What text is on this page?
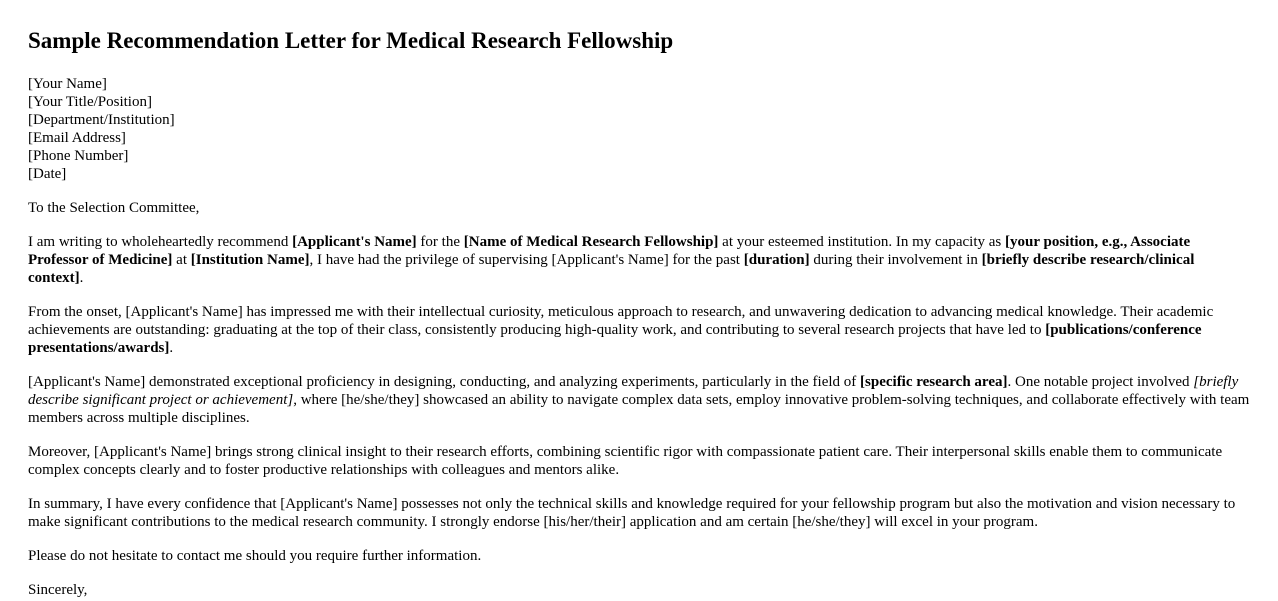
Sample Recommendation Letter for Medical Research Fellowship
[Your Name]
[Your Title/Position]
[Department/Institution]
[Email Address]
[Phone Number]
[Date]

To the Selection Committee,

I am writing to wholeheartedly recommend [Applicant's Name] for the [Name of Medical Research Fellowship] at your esteemed institution. In my capacity as [your position, e.g., Associate Professor of Medicine] at [Institution Name], I have had the privilege of supervising [Applicant's Name] for the past [duration] during their involvement in [briefly describe research/clinical context].

From the onset, [Applicant's Name] has impressed me with their intellectual curiosity, meticulous approach to research, and unwavering dedication to advancing medical knowledge. Their academic achievements are outstanding: graduating at the top of their class, consistently producing high-quality work, and contributing to several research projects that have led to [publications/conference presentations/awards].

[Applicant's Name] demonstrated exceptional proficiency in designing, conducting, and analyzing experiments, particularly in the field of [specific research area]. One notable project involved [briefly describe significant project or achievement], where [he/she/they] showcased an ability to navigate complex data sets, employ innovative problem-solving techniques, and collaborate effectively with team members across multiple disciplines.

Moreover, [Applicant's Name] brings strong clinical insight to their research efforts, combining scientific rigor with compassionate patient care. Their interpersonal skills enable them to communicate complex concepts clearly and to foster productive relationships with colleagues and mentors alike.

In summary, I have every confidence that [Applicant's Name] possesses not only the technical skills and knowledge required for your fellowship program but also the motivation and vision necessary to make significant contributions to the medical research community. I strongly endorse [his/her/their] application and am certain [he/she/they] will excel in your program.

Please do not hesitate to contact me should you require further information.

Sincerely,
